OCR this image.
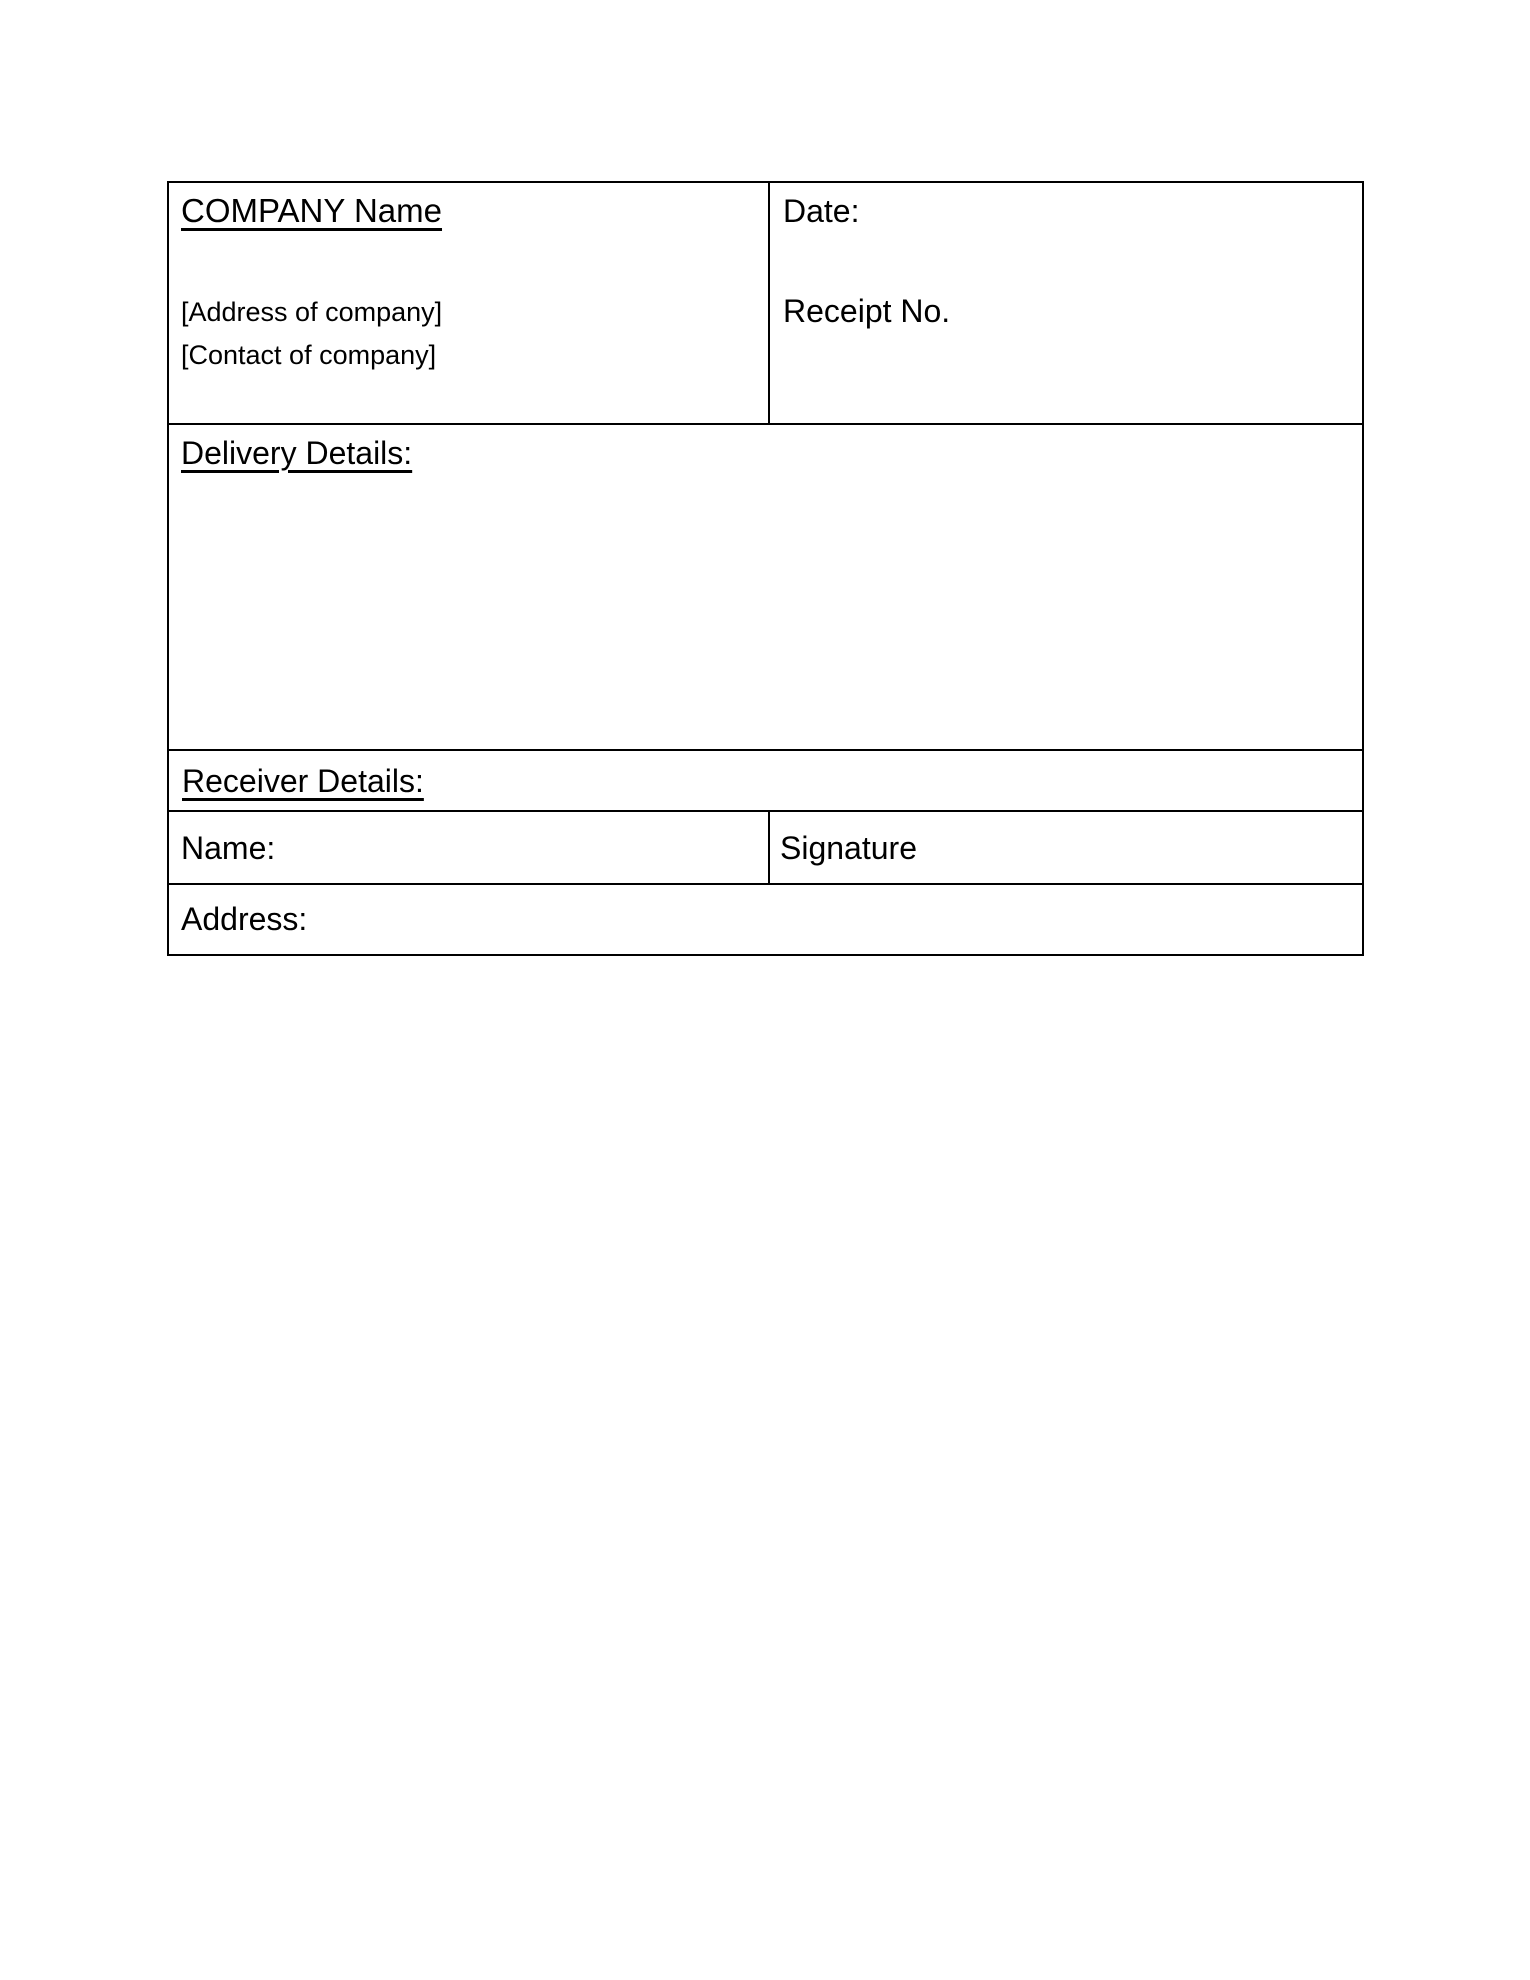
COMPANY Name
[Address of company]
[Contact of company]
Date:
Receipt No.
Delivery Details:
Receiver Details:
Name:	Signature
Address:
